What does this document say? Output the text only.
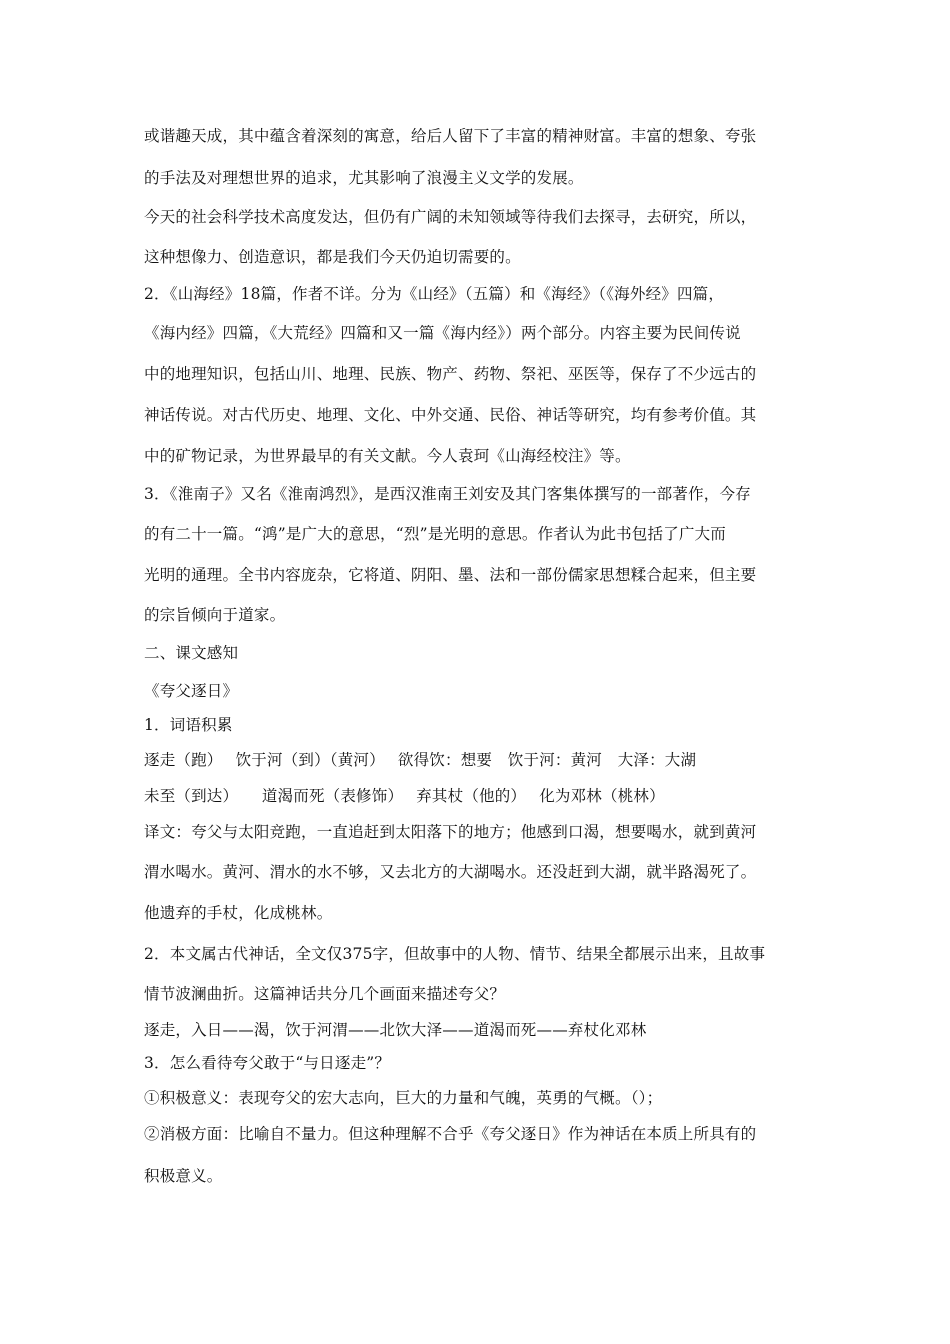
或谐趣天成，其中蕴含着深刻的寓意，给后人留下了丰富的精神财富。丰富的想象、夸张
的手法及对理想世界的追求，尤其影响了浪漫主义文学的发展。
今天的社会科学技术高度发达，但仍有广阔的未知领域等待我们去探寻，去研究，所以，
这种想像力、创造意识，都是我们今天仍迫切需要的。
2．《山海经》18篇，作者不详。分为《山经》（五篇）和《海经》（《海外经》四篇，
《海内经》四篇，《大荒经》四篇和又一篇《海内经》）两个部分。内容主要为民间传说
中的地理知识，包括山川、地理、民族、物产、药物、祭祀、巫医等，保存了不少远古的
神话传说。对古代历史、地理、文化、中外交通、民俗、神话等研究，均有参考价值。其
中的矿物记录，为世界最早的有关文献。今人袁珂《山海经校注》等。
3．《淮南子》又名《淮南鸿烈》，是西汉淮南王刘安及其门客集体撰写的一部著作，今存
的有二十一篇。“鸿”是广大的意思，“烈”是光明的意思。作者认为此书包括了广大而
光明的通理。全书内容庞杂，它将道、阴阳、墨、法和一部份儒家思想糅合起来，但主要
的宗旨倾向于道家。
二、课文感知
《夸父逐日》
1．词语积累
逐走（跑）　 饮于河（到）（黄河）　 欲得饮：想要　饮于河：黄河　大泽：大湖
未至（到达）　　道渴而死（表修饰）　 弃其杖（他的）　 化为邓林（桃林）
译文：夸父与太阳竞跑，一直追赶到太阳落下的地方；他感到口渴，想要喝水，就到黄河
渭水喝水。黄河、渭水的水不够，又去北方的大湖喝水。还没赶到大湖，就半路渴死了。
他遗弃的手杖，化成桃林。
2．本文属古代神话，全文仅375字，但故事中的人物、情节、结果全都展示出来，且故事
情节波澜曲折。这篇神话共分几个画面来描述夸父？
逐走，入日——渴，饮于河渭——北饮大泽——道渴而死——弃杖化邓林
3．怎么看待夸父敢于“与日逐走”？
①积极意义：表现夸父的宏大志向，巨大的力量和气魄，英勇的气概。（）；
②消极方面：比喻自不量力。但这种理解不合乎《夸父逐日》作为神话在本质上所具有的
积极意义。
